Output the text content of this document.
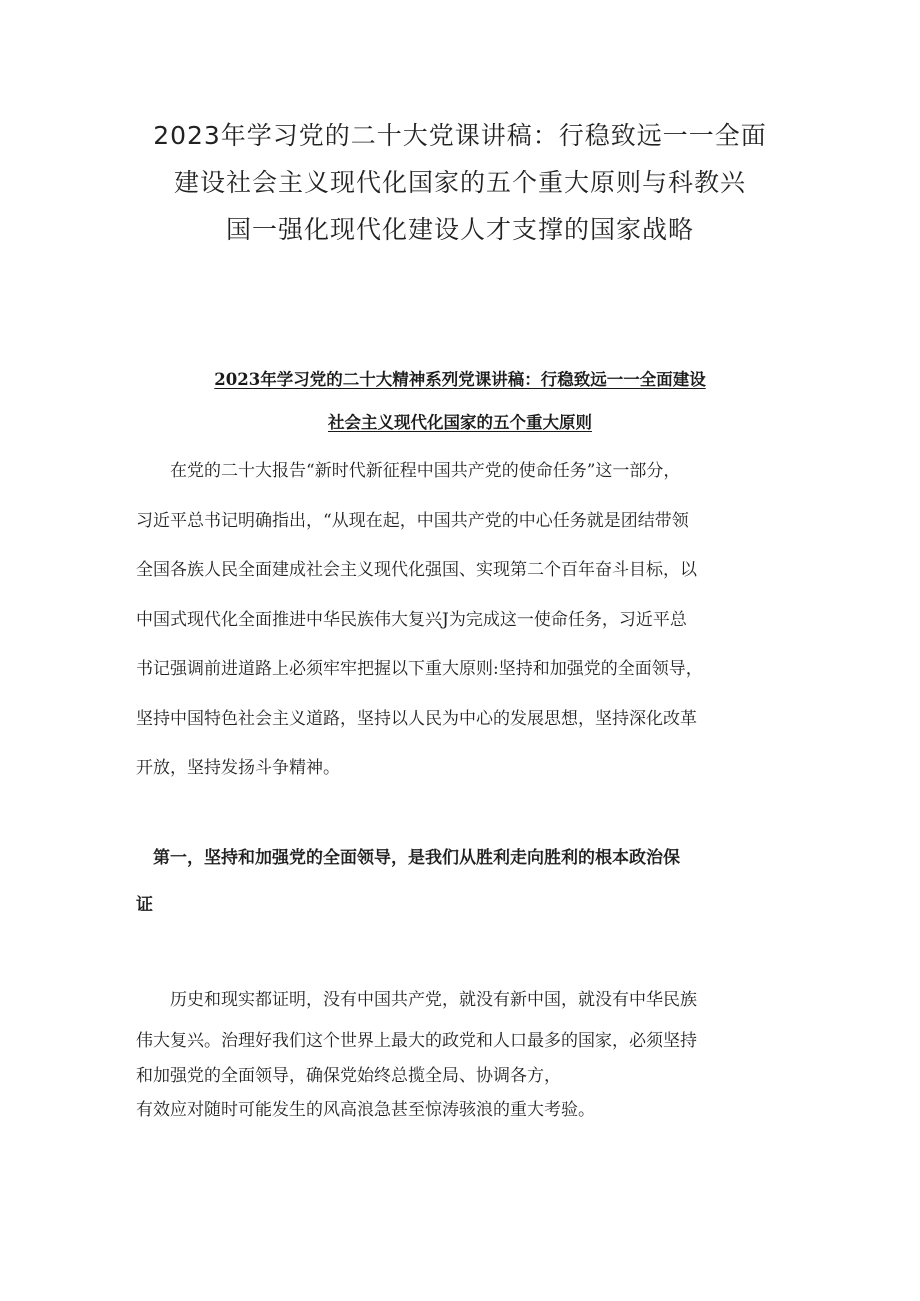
2023年学习党的二十大党课讲稿：行稳致远一一全面
建设社会主义现代化国家的五个重大原则与科教兴
国一强化现代化建设人才支撑的国家战略
2023年学习党的二十大精神系列党课讲稿：行稳致远一一全面建设
社会主义现代化国家的五个重大原则
　　在党的二十大报告“新时代新征程中国共产党的使命任务”这一部分，
习近平总书记明确指出，“从现在起，中国共产党的中心任务就是团结带领
全国各族人民全面建成社会主义现代化强国、实现第二个百年奋斗目标，以
中国式现代化全面推进中华民族伟大复兴J为完成这一使命任务，习近平总
书记强调前进道路上必须牢牢把握以下重大原则:坚持和加强党的全面领导，
坚持中国特色社会主义道路，坚持以人民为中心的发展思想，坚持深化改革
开放，坚持发扬斗争精神。
　第一，坚持和加强党的全面领导，是我们从胜利走向胜利的根本政治保
证
　　历史和现实都证明，没有中国共产党，就没有新中国，就没有中华民族
伟大复兴。治理好我们这个世界上最大的政党和人口最多的国家，必须坚持
和加强党的全面领导，确保党始终总揽全局、协调各方，
有效应对随时可能发生的风高浪急甚至惊涛骇浪的重大考验。
